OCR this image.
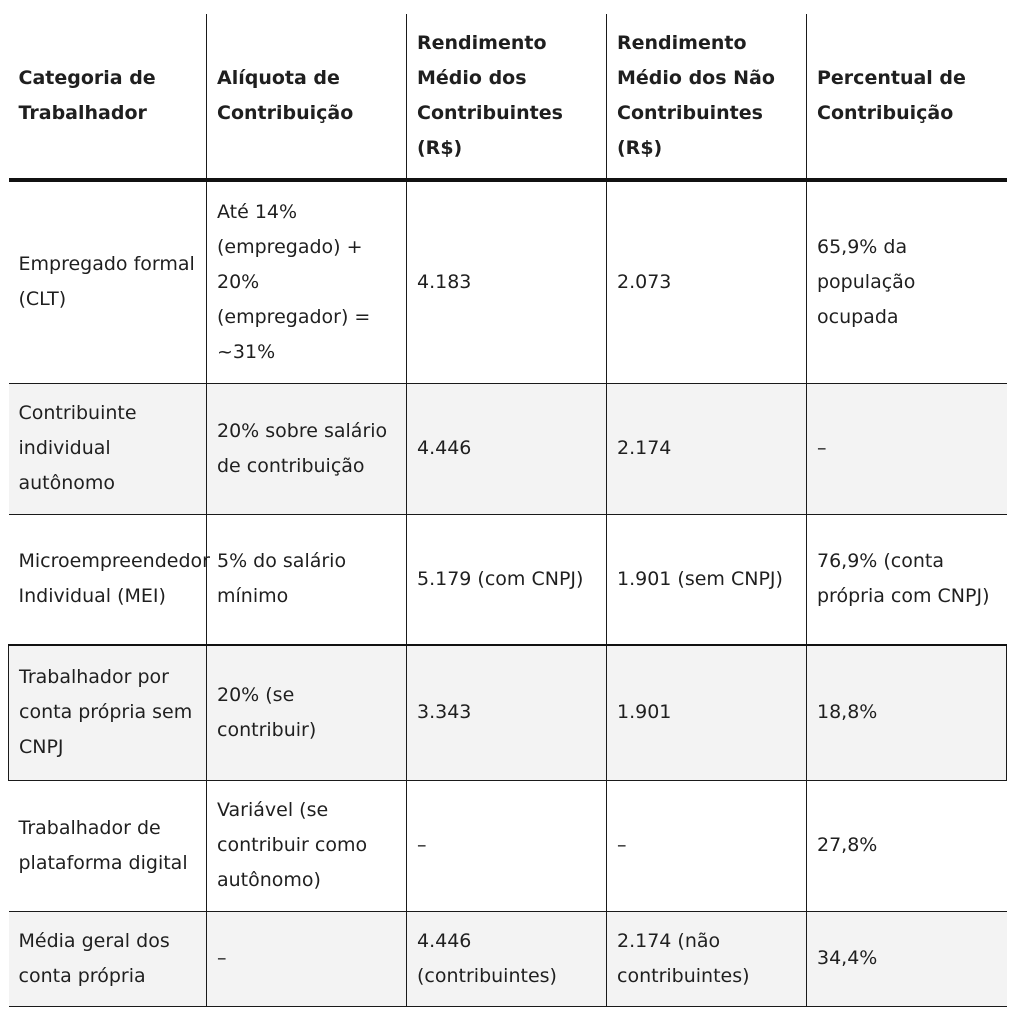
Categoria de Trabalhador	Alíquota de Contribuição	Rendimento Médio dos Contribuintes (R$)	Rendimento Médio dos Não Contribuintes (R$)	Percentual de Contribuição
Empregado formal (CLT)	Até 14% (empregado) + 20% (empregador) = ~31%	4.183	2.073	65,9% da população ocupada
Contribuinte individual autônomo	20% sobre salário de contribuição	4.446	2.174	–
Microempreendedor Individual (MEI)	5% do salário mínimo	5.179 (com CNPJ)	1.901 (sem CNPJ)	76,9% (conta própria com CNPJ)
Trabalhador por conta própria sem CNPJ	20% (se contribuir)	3.343	1.901	18,8%
Trabalhador de plataforma digital	Variável (se contribuir como autônomo)	–	–	27,8%
Média geral dos conta própria	–	4.446 (contribuintes)	2.174 (não contribuintes)	34,4%
